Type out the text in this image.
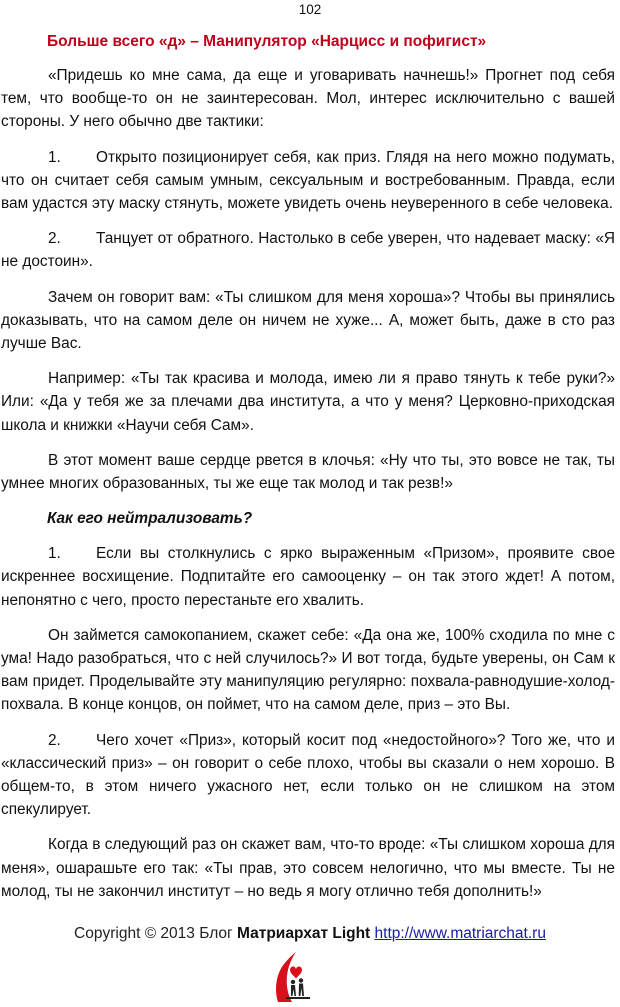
102
Больше всего «д» – Манипулятор «Нарцисс и пофигист»

«Придешь ко мне сама, да еще и уговаривать начнешь!» Прогнет под себя тем, что вообще-то он не заинтересован. Мол, интерес исключительно с вашей стороны. У него обычно две тактики:

1. Открыто позиционирует себя, как приз. Глядя на него можно подумать, что он считает себя самым умным, сексуальным и востребованным. Правда, если вам удастся эту маску стянуть, можете увидеть очень неуверенного в себе человека.

2. Танцует от обратного. Настолько в себе уверен, что надевает маску: «Я не достоин».

Зачем он говорит вам: «Ты слишком для меня хороша»? Чтобы вы принялись доказывать, что на самом деле он ничем не хуже... А, может быть, даже в сто раз лучше Вас.

Например: «Ты так красива и молода, имею ли я право тянуть к тебе руки?» Или: «Да у тебя же за плечами два института, а что у меня? Церковно-приходская школа и книжки «Научи себя Сам».

В этот момент ваше сердце рвется в клочья: «Ну что ты, это вовсе не так, ты умнее многих образованных, ты же еще так молод и так резв!»

Как его нейтрализовать?

1. Если вы столкнулись с ярко выраженным «Призом», проявите свое искреннее восхищение. Подпитайте его самооценку – он так этого ждет! А потом, непонятно с чего, просто перестаньте его хвалить.

Он займется самокопанием, скажет себе: «Да она же, 100% сходила по мне с ума! Надо разобраться, что с ней случилось?» И вот тогда, будьте уверены, он Сам к вам придет. Проделывайте эту манипуляцию регулярно: похвала-равнодушие-холод-похвала. В конце концов, он поймет, что на самом деле, приз – это Вы.

2. Чего хочет «Приз», который косит под «недостойного»? Того же, что и «классический приз» – он говорит о себе плохо, чтобы вы сказали о нем хорошо. В общем-то, в этом ничего ужасного нет, если только он не слишком на этом спекулирует.

Когда в следующий раз он скажет вам, что-то вроде: «Ты слишком хороша для меня», ошарашьте его так: «Ты прав, это совсем нелогично, что мы вместе. Ты не молод, ты не закончил институт – но ведь я могу отлично тебя дополнить!»

Copyright © 2013 Блог Матриархат Light http://www.matriarchat.ru
